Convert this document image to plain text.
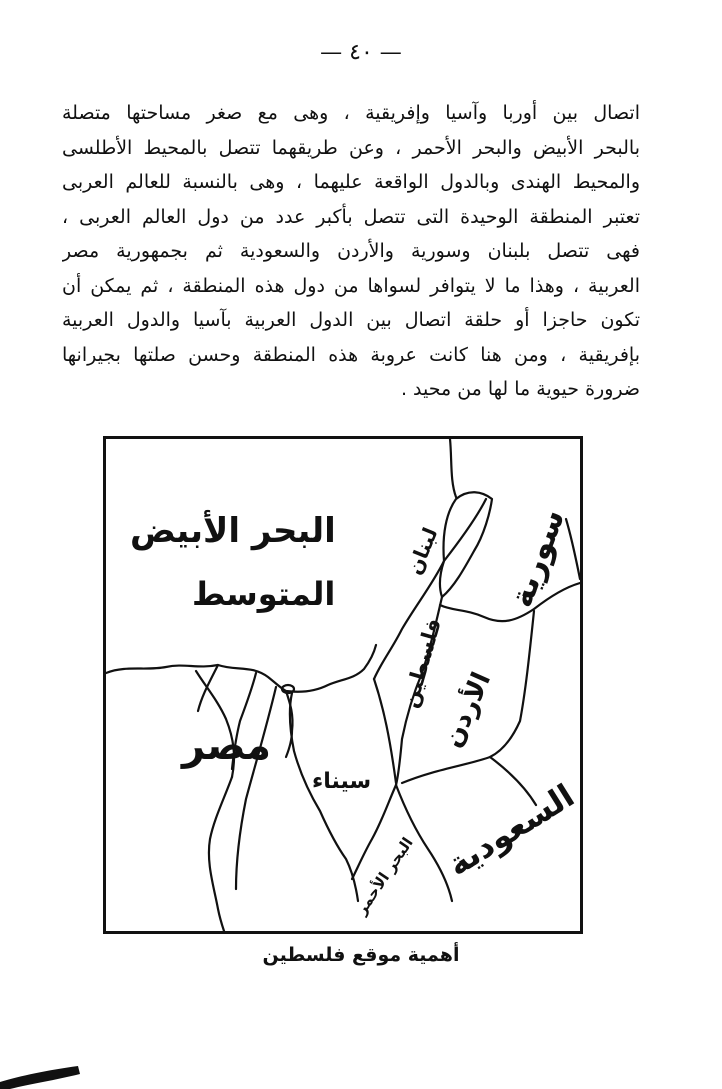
— ٤٠ —
اتصال بين أوربا وآسيا وإفريقية ، وهى مع صغر مساحتها متصلة
بالبحر الأبيض والبحر الأحمر ، وعن طريقهما تتصل بالمحيط الأطلسى
والمحيط الهندى وبالدول الواقعة عليهما ، وهى بالنسبة للعالم العربى
تعتبر المنطقة الوحيدة التى تتصل بأكبر عدد من دول العالم العربى ،
فهى تتصل بلبنان وسورية والأردن والسعودية ثم بجمهورية مصر
العربية ، وهذا ما لا يتوافر لسواها من دول هذه المنطقة ، ثم يمكن أن
تكون حاجزا أو حلقة اتصال بين الدول العربية بآسيا والدول العربية
بإفريقية ، ومن هنا كانت عروبة هذه المنطقة وحسن صلتها بجيرانها
ضرورة حيوية ما لها من محيد .
البحر الأبيض
المتوسط
لبنان سورية
فلسطين
الأردن
مصر
سيناء السعودية
البحر الأحمر
أهمية موقع فلسطين
